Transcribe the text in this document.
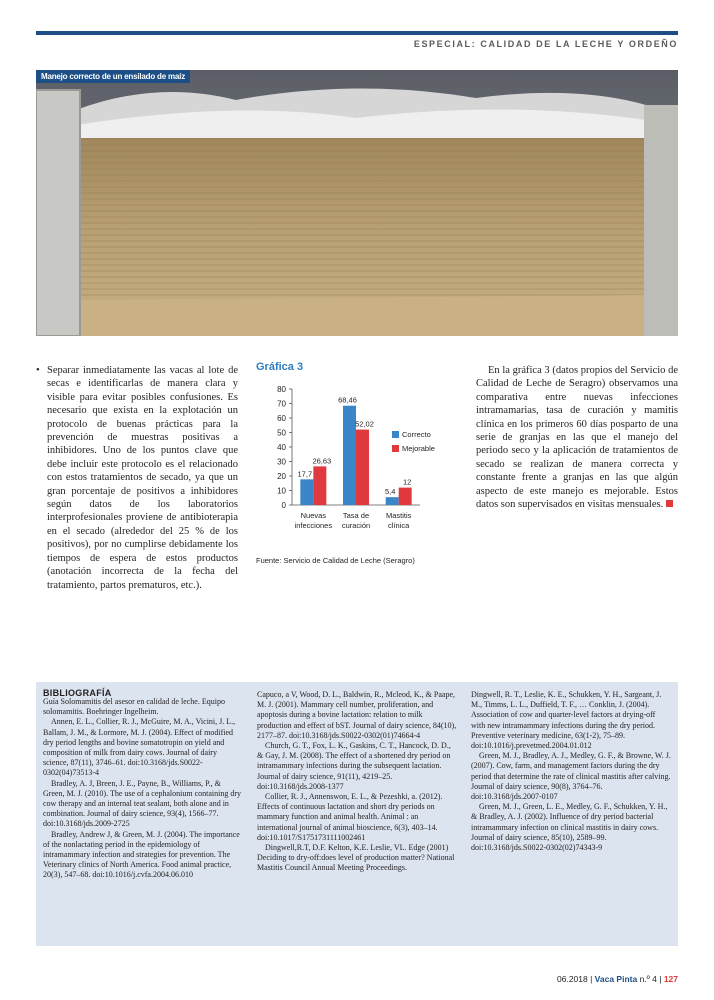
ESPECIAL: CALIDAD DE LA LECHE Y ORDEÑO
Manejo correcto de un ensilado de maíz
• Separar inmediatamente las vacas al lote de secas e identificarlas de manera clara y visible para evitar posibles confusiones. Es necesario que exista en la explotación un protocolo de buenas prácticas para la prevención de muestras positivas a inhibidores. Uno de los puntos clave que debe incluir este protocolo es el relacionado con estos tratamientos de secado, ya que un gran porcentaje de positivos a inhibidores según datos de los laboratorios interprofesionales proviene de antibioterapia en el secado (alrededor del 25 % de los positivos), por no cumplirse debidamente los tiempos de espera de estos productos (anotación incorrecta de la fecha del tratamiento, partos prematuros, etc.).

Gráfica 3
0
10
20
30
40
50
60
70
80
17,7
26,63
Nuevas
infecciones
68,46
52,02
Tasa de
curación
5,4
12
Mastitis
clínica
Correcto
Mejorable
Fuente: Servicio de Calidad de Leche (Seragro)
En la gráfica 3 (datos propios del Servicio de Calidad de Leche de Seragro) observamos una comparativa entre nuevas infecciones intramamarias, tasa de curación y mamitis clínica en los primeros 60 días posparto de una serie de granjas en las que el manejo del periodo seco y la aplicación de tratamientos de secado se realizan de manera correcta y constante frente a granjas en las que algún aspecto de este manejo es mejorable. Estos datos son supervisados en visitas mensuales.
BIBLIOGRAFÍA

Guía Solomamitis del asesor en calidad de leche. Equipo solomamitis. Boehringer Ingelheim.

Annen, E. L., Collier, R. J., McGuire, M. A., Vicini, J. L., Ballam, J. M., & Lormore, M. J. (2004). Effect of modified dry period lengths and bovine somatotropin on yield and composition of milk from dairy cows. Journal of dairy science, 87(11), 3746–61. doi:10.3168/jds.S0022-0302(04)73513-4

Bradley, A. J, Breen, J. E., Payne, B., Williams, P., & Green, M. J. (2010). The use of a cephalonium containing dry cow therapy and an internal teat sealant, both alone and in combination. Journal of dairy science, 93(4), 1566–77. doi:10.3168/jds.2009-2725

Bradley, Andrew J, & Green, M. J. (2004). The importance of the nonlactating period in the epidemiology of intramammary infection and strategies for prevention. The Veterinary clinics of North America. Food animal practice, 20(3), 547–68. doi:10.1016/j.cvfa.2004.06.010

Capuco, a V, Wood, D. L., Baldwin, R., Mcleod, K., & Paape, M. J. (2001). Mammary cell number, proliferation, and apoptosis during a bovine lactation: relation to milk production and effect of bST. Journal of dairy science, 84(10), 2177–87. doi:10.3168/jds.S0022-0302(01)74664-4

Church, G. T., Fox, L. K., Gaskins, C. T., Hancock, D. D., & Gay, J. M. (2008). The effect of a shortened dry period on intramammary infections during the subsequent lactation. Journal of dairy science, 91(11), 4219–25. doi:10.3168/jds.2008-1377

Collier, R. J., Annenswon, E. L., & Pezeshki, a. (2012). Effects of continuous lactation and short dry periods on mammary function and animal health. Animal : an international journal of animal bioscience, 6(3), 403–14. doi:10.1017/S1751731111002461

Dingwell,R.T, D.F. Kelton, K.E. Leslie, VL. Edge (2001) Deciding to dry-off:does level of production matter? National Mastitis Council Annual Meeting Proceedings.

Dingwell, R. T., Leslie, K. E., Schukken, Y. H., Sargeant, J. M., Timms, L. L., Duffield, T. F., … Conklin, J. (2004). Association of cow and quarter-level factors at drying-off with new intramammary infections during the dry period. Preventive veterinary medicine, 63(1-2), 75–89. doi:10.1016/j.prevetmed.2004.01.012

Green, M. J., Bradley, A. J., Medley, G. F., & Browne, W. J. (2007). Cow, farm, and management factors during the dry period that determine the rate of clinical mastitis after calving. Journal of dairy science, 90(8), 3764–76. doi:10.3168/jds.2007-0107

Green, M. J., Green, L. E., Medley, G. F., Schukken, Y. H., & Bradley, A. J. (2002). Influence of dry period bacterial intramammary infection on clinical mastitis in dairy cows. Journal of dairy science, 85(10), 2589–99. doi:10.3168/jds.S0022-0302(02)74343-9

06.2018 | Vaca Pinta n.º 4 | 127
